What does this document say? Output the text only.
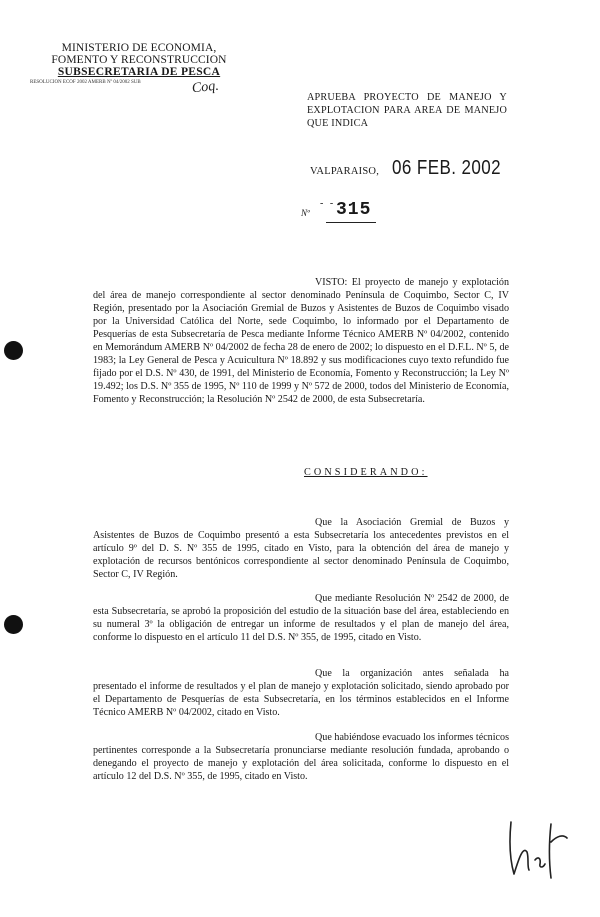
MINISTERIO DE ECONOMIA,
FOMENTO Y RECONSTRUCCION
SUBSECRETARIA DE PESCA
RESOLUCION ECOF 2002 AMERB Nº 04/2002 SUB	Coq.
APRUEBA PROYECTO DE MANEJO Y EXPLOTACION PARA AREA DE MANEJO QUE INDICA
VALPARAISO, 06 FEB. 2002
- -
Nº 315

VISTO: El proyecto de manejo y explotación del área de manejo correspondiente al sector denominado Península de Coquimbo, Sector C, IV Región, presentado por la Asociación Gremial de Buzos y Asistentes de Buzos de Coquimbo visado por la Universidad Católica del Norte, sede Coquimbo, lo informado por el Departamento de Pesquerías de esta Subsecretaría de Pesca mediante Informe Técnico AMERB Nº 04/2002, contenido en Memorándum AMERB Nº 04/2002 de fecha 28 de enero de 2002; lo dispuesto en el D.F.L. Nº 5, de 1983; la Ley General de Pesca y Acuicultura Nº 18.892 y sus modificaciones cuyo texto refundido fue fijado por el D.S. Nº 430, de 1991, del Ministerio de Economía, Fomento y Reconstrucción; la Ley Nº 19.492; los D.S. Nº 355 de 1995, Nº 110 de 1999 y Nº 572 de 2000, todos del Ministerio de Economía, Fomento y Reconstrucción; la Resolución Nº 2542 de 2000, de esta Subsecretaría.

CONSIDERANDO:

Que la Asociación Gremial de Buzos y Asistentes de Buzos de Coquimbo presentó a esta Subsecretaría los antecedentes previstos en el artículo 9º del D. S. Nº 355 de 1995, citado en Visto, para la obtención del área de manejo y explotación de recursos bentónicos correspondiente al sector denominado Península de Coquimbo, Sector C, IV Región.

Que mediante Resolución Nº 2542 de 2000, de esta Subsecretaría, se aprobó la proposición del estudio de la situación base del área, estableciendo en su numeral 3º la obligación de entregar un informe de resultados y el plan de manejo del área, conforme lo dispuesto en el artículo 11 del D.S. Nº 355, de 1995, citado en Visto.

Que la organización antes señalada ha presentado el informe de resultados y el plan de manejo y explotación solicitado, siendo aprobado por el Departamento de Pesquerías de esta Subsecretaría, en los términos establecidos en el Informe Técnico AMERB Nº 04/2002, citado en Visto.

Que habiéndose evacuado los informes técnicos pertinentes corresponde a la Subsecretaría pronunciarse mediante resolución fundada, aprobando o denegando el proyecto de manejo y explotación del área solicitada, conforme lo dispuesto en el artículo 12 del D.S. Nº 355, de 1995, citado en Visto.
